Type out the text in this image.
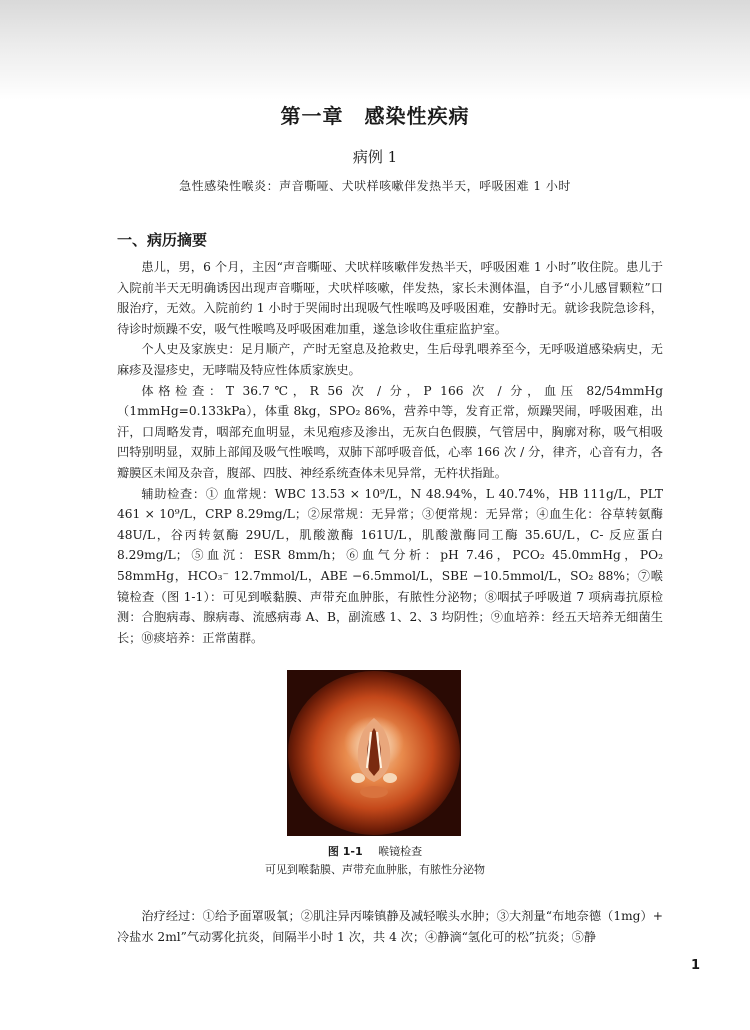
第一章　感染性疾病
病例 1
急性感染性喉炎：声音嘶哑、犬吠样咳嗽伴发热半天，呼吸困难 1 小时
一、病历摘要

患儿，男，6 个月，主因“声音嘶哑、犬吠样咳嗽伴发热半天，呼吸困难 1 小时”收住院。患儿于入院前半天无明确诱因出现声音嘶哑，犬吠样咳嗽，伴发热，家长未测体温，自予“小儿感冒颗粒”口服治疗，无效。入院前约 1 小时于哭闹时出现吸气性喉鸣及呼吸困难，安静时无。就诊我院急诊科，待诊时烦躁不安，吸气性喉鸣及呼吸困难加重，遂急诊收住重症监护室。

个人史及家族史：足月顺产，产时无窒息及抢救史，生后母乳喂养至今，无呼吸道感染病史，无麻疹及湿疹史，无哮喘及特应性体质家族史。

体格检查：T 36.7℃，R 56 次 / 分，P 166 次 / 分，血压 82/54mmHg（1mmHg=0.133kPa），体重 8kg，SPO₂ 86%，营养中等，发育正常，烦躁哭闹，呼吸困难，出汗，口周略发青，咽部充血明显，未见疱疹及渗出，无灰白色假膜，气管居中，胸廓对称，吸气相吸凹特别明显，双肺上部闻及吸气性喉鸣，双肺下部呼吸音低，心率 166 次 / 分，律齐，心音有力，各瓣膜区未闻及杂音，腹部、四肢、神经系统查体未见异常，无杵状指趾。

辅助检查：① 血常规：WBC 13.53 × 10⁹/L，N 48.94%，L 40.74%，HB 111g/L，PLT 461 × 10⁹/L，CRP 8.29mg/L；②尿常规：无异常；③便常规：无异常；④血生化：谷草转氨酶 48U/L，谷丙转氨酶 29U/L，肌酸激酶 161U/L，肌酸激酶同工酶 35.6U/L，C- 反应蛋白 8.29mg/L；⑤血沉：ESR 8mm/h；⑥血气分析：pH 7.46，PCO₂ 45.0mmHg，PO₂ 58mmHg，HCO₃⁻ 12.7mmol/L，ABE −6.5mmol/L，SBE −10.5mmol/L，SO₂ 88%；⑦喉镜检查（图 1-1）：可见到喉黏膜、声带充血肿胀，有脓性分泌物；⑧咽拭子呼吸道 7 项病毒抗原检测：合胞病毒、腺病毒、流感病毒 A、B，副流感 1、2、3 均阴性；⑨血培养：经五天培养无细菌生长；⑩痰培养：正常菌群。

图 1-1 喉镜检查
可见到喉黏膜、声带充血肿胀，有脓性分泌物

治疗经过：①给予面罩吸氧；②肌注异丙嗪镇静及减轻喉头水肿；③大剂量“布地奈德（1mg）+ 冷盐水 2ml”气动雾化抗炎，间隔半小时 1 次，共 4 次；④静滴“氢化可的松”抗炎；⑤静

1
